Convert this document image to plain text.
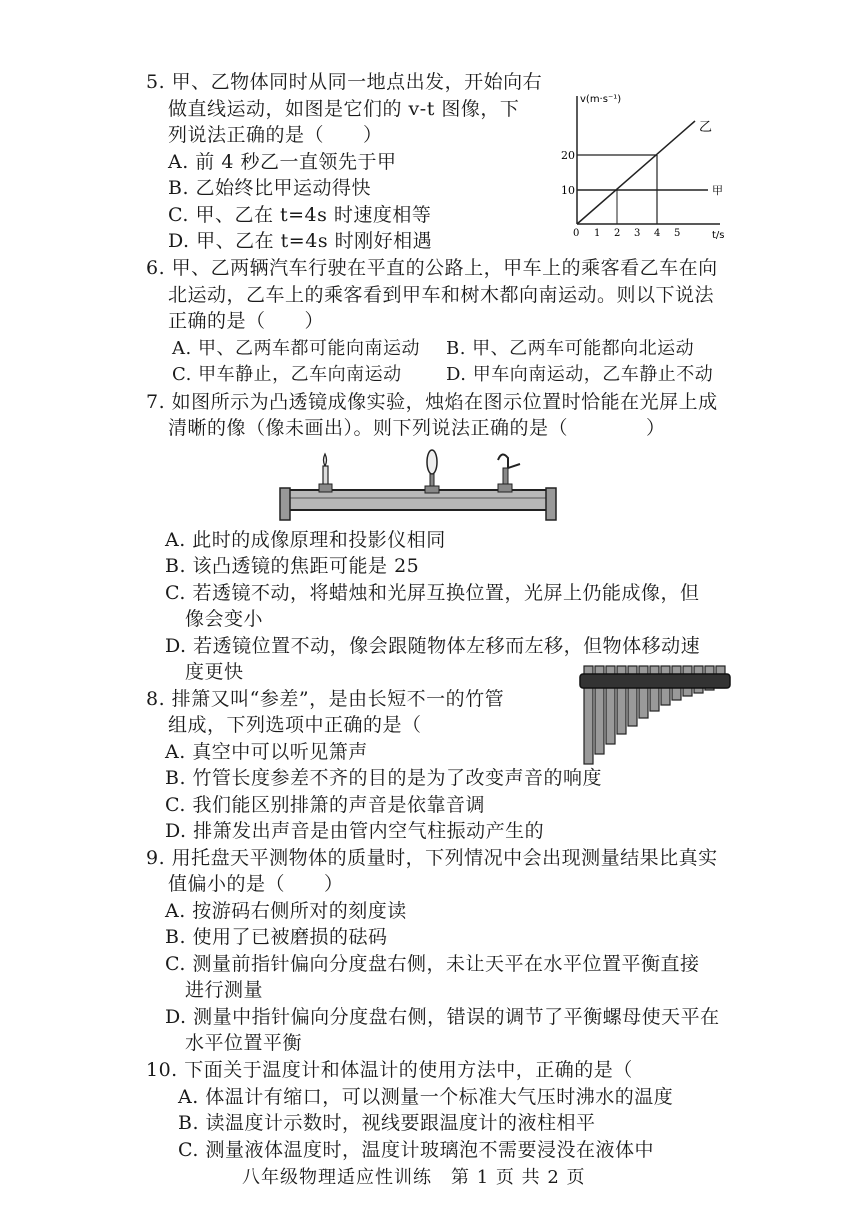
5. 甲、乙物体同时从同一地点出发，开始向右
做直线运动，如图是它们的 v-t 图像，下
列说法正确的是（　　）
A. 前 4 秒乙一直领先于甲
B. 乙始终比甲运动得快
C. 甲、乙在 t=4s 时速度相等
D. 甲、乙在 t=4s 时刚好相遇
v(m·s⁻¹)
t/s
乙
甲
20
10
0 1 2 3 4 5
6. 甲、乙两辆汽车行驶在平直的公路上，甲车上的乘客看乙车在向
北运动，乙车上的乘客看到甲车和树木都向南运动。则以下说法
正确的是（　　）
A. 甲、乙两车都可能向南运动 B. 甲、乙两车可能都向北运动
C. 甲车静止，乙车向南运动 D. 甲车向南运动，乙车静止不动
7. 如图所示为凸透镜成像实验，烛焰在图示位置时恰能在光屏上成
清晰的像（像未画出）。则下列说法正确的是（　　　　）
A. 此时的成像原理和投影仪相同
B. 该凸透镜的焦距可能是 25
C. 若透镜不动，将蜡烛和光屏互换位置，光屏上仍能成像，但
像会变小
D. 若透镜位置不动，像会跟随物体左移而左移，但物体移动速
度更快
8. 排箫又叫“参差”，是由长短不一的竹管
组成，下列选项中正确的是（
A. 真空中可以听见箫声
B. 竹管长度参差不齐的目的是为了改变声音的响度
C. 我们能区别排箫的声音是依靠音调
D. 排箫发出声音是由管内空气柱振动产生的
9. 用托盘天平测物体的质量时，下列情况中会出现测量结果比真实
值偏小的是（　　）
A. 按游码右侧所对的刻度读
B. 使用了已被磨损的砝码
C. 测量前指针偏向分度盘右侧，未让天平在水平位置平衡直接
进行测量
D. 测量中指针偏向分度盘右侧，错误的调节了平衡螺母使天平在
水平位置平衡
10. 下面关于温度计和体温计的使用方法中，正确的是（
A. 体温计有缩口，可以测量一个标准大气压时沸水的温度
B. 读温度计示数时，视线要跟温度计的液柱相平
C. 测量液体温度时，温度计玻璃泡不需要浸没在液体中
八年级物理适应性训练　第 1 页 共 2 页
